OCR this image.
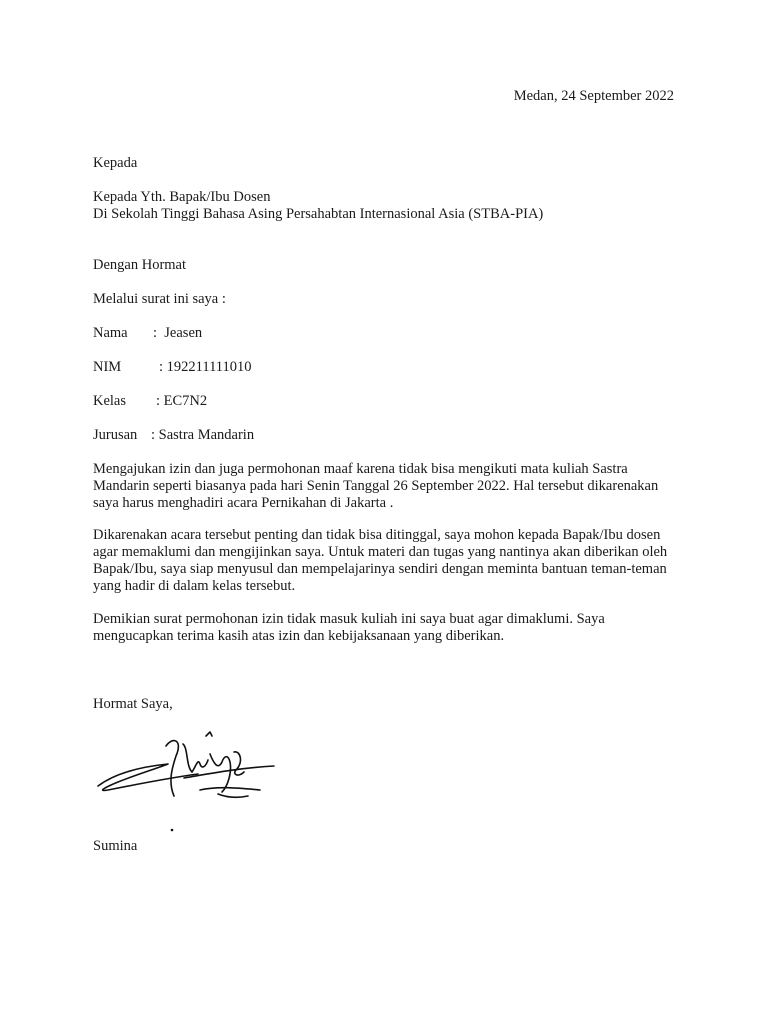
Medan, 24 September 2022
Kepada
Kepada Yth. Bapak/Ibu Dosen
Di Sekolah Tinggi Bahasa Asing Persahabtan Internasional Asia (STBA-PIA)
Dengan Hormat
Melalui surat ini saya :
Nama : Jeasen
NIM	: 192211111010
Kelas : EC7N2
Jurusan : Sastra Mandarin
Mengajukan izin dan juga permohonan maaf karena tidak bisa mengikuti mata kuliah Sastra Mandarin seperti biasanya pada hari Senin Tanggal 26 September 2022. Hal tersebut dikarenakan saya harus menghadiri acara Pernikahan di Jakarta .
Dikarenakan acara tersebut penting dan tidak bisa ditinggal, saya mohon kepada Bapak/Ibu dosen agar memaklumi dan mengijinkan saya. Untuk materi dan tugas yang nantinya akan diberikan oleh Bapak/Ibu, saya siap menyusul dan mempelajarinya sendiri dengan meminta bantuan teman-teman yang hadir di dalam kelas tersebut.
Demikian surat permohonan izin tidak masuk kuliah ini saya buat agar dimaklumi. Saya mengucapkan terima kasih atas izin dan kebijaksanaan yang diberikan.
Hormat Saya,
Sumina
